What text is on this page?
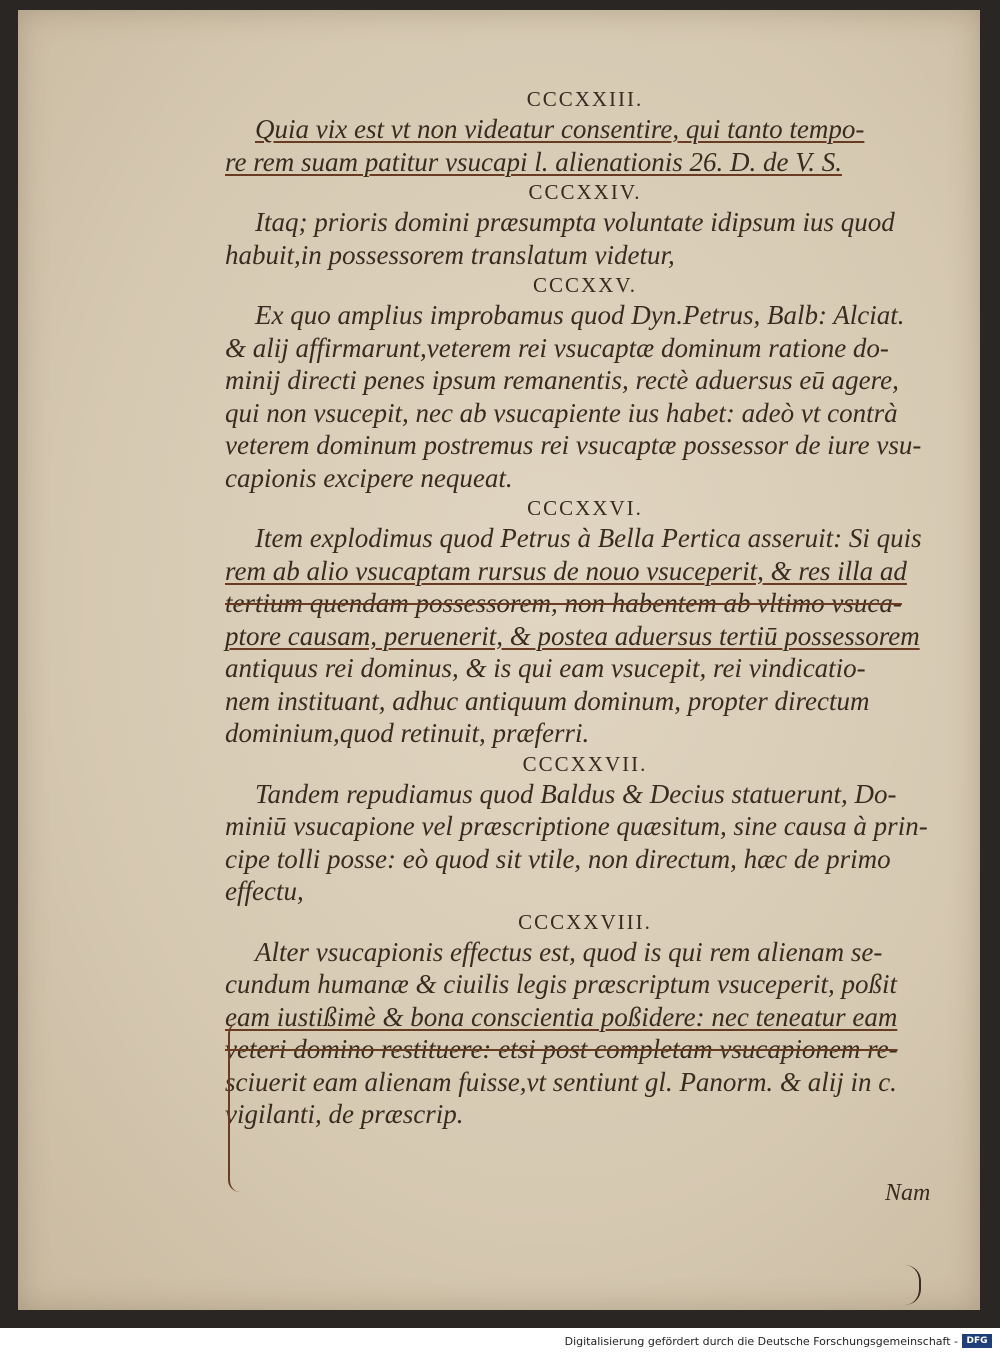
CCCXXIII.
Quia vix est vt non videatur consentire, qui tanto tempo-
re rem suam patitur vsucapi l. alienationis 26. D. de V. S.
CCCXXIV.
Itaq; prioris domini præsumpta voluntate idipsum ius quod
habuit,in possessorem translatum videtur,
CCCXXV.
Ex quo amplius improbamus quod Dyn.Petrus, Balb: Alciat.
& alij affirmarunt,veterem rei vsucaptæ dominum ratione do-
minij directi penes ipsum remanentis, rectè aduersus eū agere,
qui non vsucepit, nec ab vsucapiente ius habet: adeò vt contrà
veterem dominum postremus rei vsucaptæ possessor de iure vsu-
capionis excipere nequeat.
CCCXXVI.
Item explodimus quod Petrus à Bella Pertica asseruit: Si quis
rem ab alio vsucaptam rursus de nouo vsuceperit, & res illa ad
tertium quendam possessorem, non habentem ab vltimo vsuca-
ptore causam, peruenerit, & postea aduersus tertiū possessorem
antiquus rei dominus, & is qui eam vsucepit, rei vindicatio-
nem instituant, adhuc antiquum dominum, propter directum
dominium,quod retinuit, præferri.
CCCXXVII.
Tandem repudiamus quod Baldus & Decius statuerunt, Do-
miniū vsucapione vel præscriptione quæsitum, sine causa à prin-
cipe tolli posse: eò quod sit vtile, non directum, hæc de primo
effectu,
CCCXXVIII.
Alter vsucapionis effectus est, quod is qui rem alienam se-
cundum humanæ & ciuilis legis præscriptum vsuceperit, poßit
eam iustißimè & bona conscientia poßidere: nec teneatur eam
veteri domino restituere: etsi post completam vsucapionem re-
sciuerit eam alienam fuisse,vt sentiunt gl. Panorm. & alij in c.
vigilanti, de præscrip.
Nam
Digitalisierung gefördert durch die Deutsche Forschungsgemeinschaft - DFG
